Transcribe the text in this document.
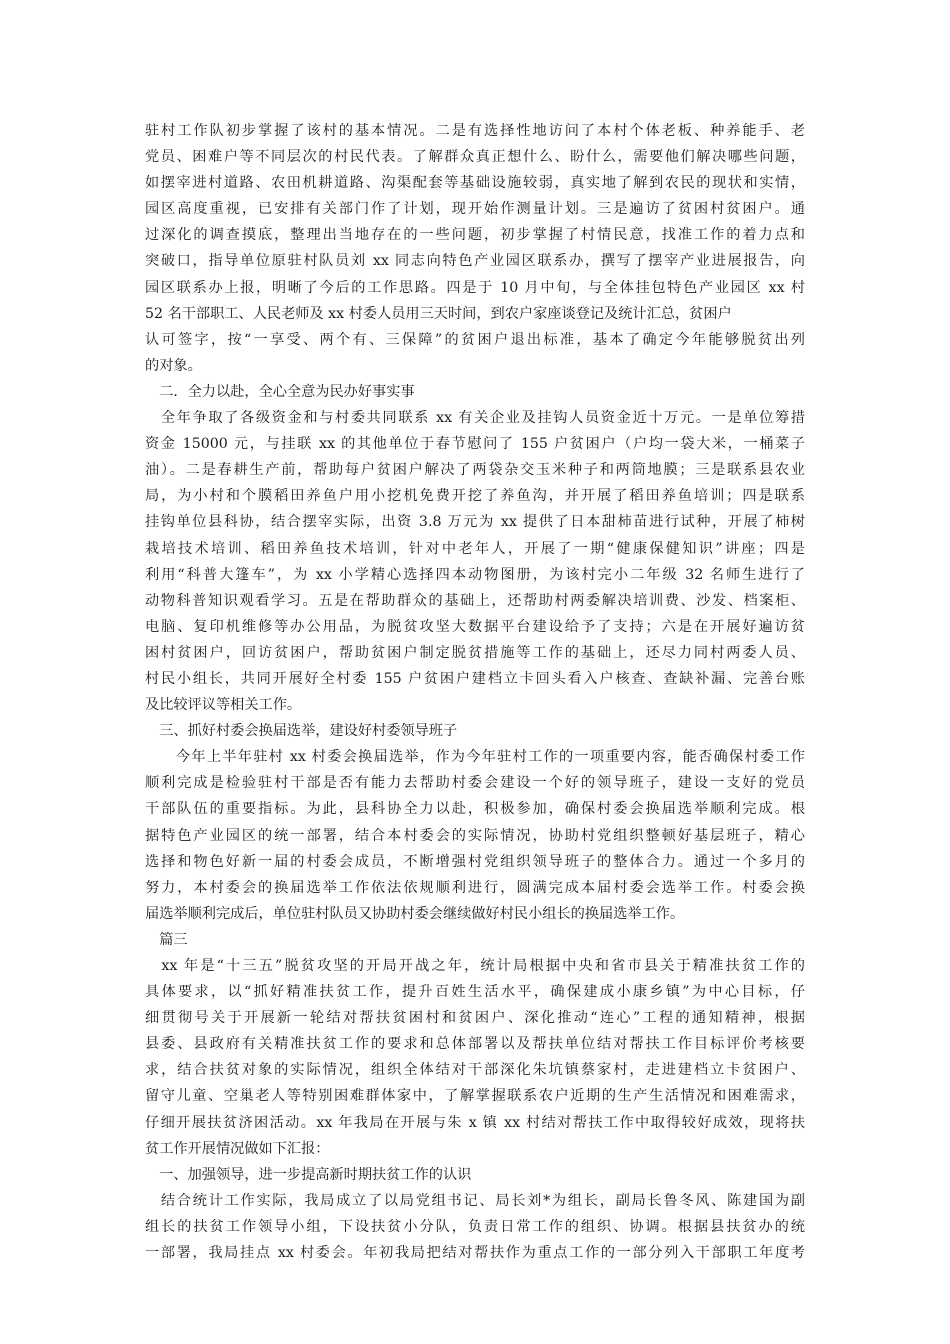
驻村工作队初步掌握了该村的基本情况。二是有选择性地访问了本村个体老板、种养能手、老
党员、困难户等不同层次的村民代表。了解群众真正想什么、盼什么，需要他们解决哪些问题，
如摆宰进村道路、农田机耕道路、沟渠配套等基础设施较弱，真实地了解到农民的现状和实情，
园区高度重视，已安排有关部门作了计划，现开始作测量计划。三是遍访了贫困村贫困户。通
过深化的调查摸底，整理出当地存在的一些问题，初步掌握了村情民意，找准工作的着力点和
突破口，指导单位原驻村队员刘 xx 同志向特色产业园区联系办，撰写了摆宰产业进展报告，向
园区联系办上报，明晰了今后的工作思路。四是于 10 月中旬，与全体挂包特色产业园区 xx 村
52 名干部职工、人民老师及 xx 村委人员用三天时间，到农户家座谈登记及统计汇总，贫困户
认可签字，按“一享受、两个有、三保障”的贫困户退出标准，基本了确定今年能够脱贫出列
的对象。
　二．全力以赴，全心全意为民办好事实事
　全年争取了各级资金和与村委共同联系 xx 有关企业及挂钩人员资金近十万元。一是单位筹措
资金 15000 元，与挂联 xx 的其他单位于春节慰问了 155 户贫困户（户均一袋大米，一桶菜子
油）。二是春耕生产前，帮助每户贫困户解决了两袋杂交玉米种子和两筒地膜；三是联系县农业
局，为小村和个膜稻田养鱼户用小挖机免费开挖了养鱼沟，并开展了稻田养鱼培训；四是联系
挂钩单位县科协，结合摆宰实际，出资 3.8 万元为 xx 提供了日本甜柿苗进行试种，开展了柿树
栽培技术培训、稻田养鱼技术培训，针对中老年人，开展了一期“健康保健知识”讲座；四是
利用“科普大篷车”，为 xx 小学精心选择四本动物图册，为该村完小二年级 32 名师生进行了
动物科普知识观看学习。五是在帮助群众的基础上，还帮助村两委解决培训费、沙发、档案柜、
电脑、复印机维修等办公用品，为脱贫攻坚大数据平台建设给予了支持；六是在开展好遍访贫
困村贫困户，回访贫困户，帮助贫困户制定脱贫措施等工作的基础上，还尽力同村两委人员、
村民小组长，共同开展好全村委 155 户贫困户建档立卡回头看入户核查、查缺补漏、完善台账
及比较评议等相关工作。
　三、抓好村委会换届选举，建设好村委领导班子
　　今年上半年驻村 xx 村委会换届选举，作为今年驻村工作的一项重要内容，能否确保村委工作
顺利完成是检验驻村干部是否有能力去帮助村委会建设一个好的领导班子，建设一支好的党员
干部队伍的重要指标。为此，县科协全力以赴，积极参加，确保村委会换届选举顺利完成。根
据特色产业园区的统一部署，结合本村委会的实际情况，协助村党组织整顿好基层班子，精心
选择和物色好新一届的村委会成员，不断增强村党组织领导班子的整体合力。通过一个多月的
努力，本村委会的换届选举工作依法依规顺利进行，圆满完成本届村委会选举工作。村委会换
届选举顺利完成后，单位驻村队员又协助村委会继续做好村民小组长的换届选举工作。
　篇三
　xx 年是“十三五”脱贫攻坚的开局开战之年，统计局根据中央和省市县关于精准扶贫工作的
具体要求，以“抓好精准扶贫工作，提升百姓生活水平，确保建成小康乡镇”为中心目标，仔
细贯彻号关于开展新一轮结对帮扶贫困村和贫困户、深化推动“连心”工程的通知精神，根据
县委、县政府有关精准扶贫工作的要求和总体部署以及帮扶单位结对帮扶工作目标评价考核要
求，结合扶贫对象的实际情况，组织全体结对干部深化朱坑镇蔡家村，走进建档立卡贫困户、
留守儿童、空巢老人等特别困难群体家中，了解掌握联系农户近期的生产生活情况和困难需求，
仔细开展扶贫济困活动。xx 年我局在开展与朱 x 镇 xx 村结对帮扶工作中取得较好成效，现将扶
贫工作开展情况做如下汇报：
　一、加强领导，进一步提高新时期扶贫工作的认识
　结合统计工作实际，我局成立了以局党组书记、局长刘*为组长，副局长鲁冬风、陈建国为副
组长的扶贫工作领导小组，下设扶贫小分队，负责日常工作的组织、协调。根据县扶贫办的统
一部署，我局挂点 xx 村委会。年初我局把结对帮扶作为重点工作的一部分列入干部职工年度考
